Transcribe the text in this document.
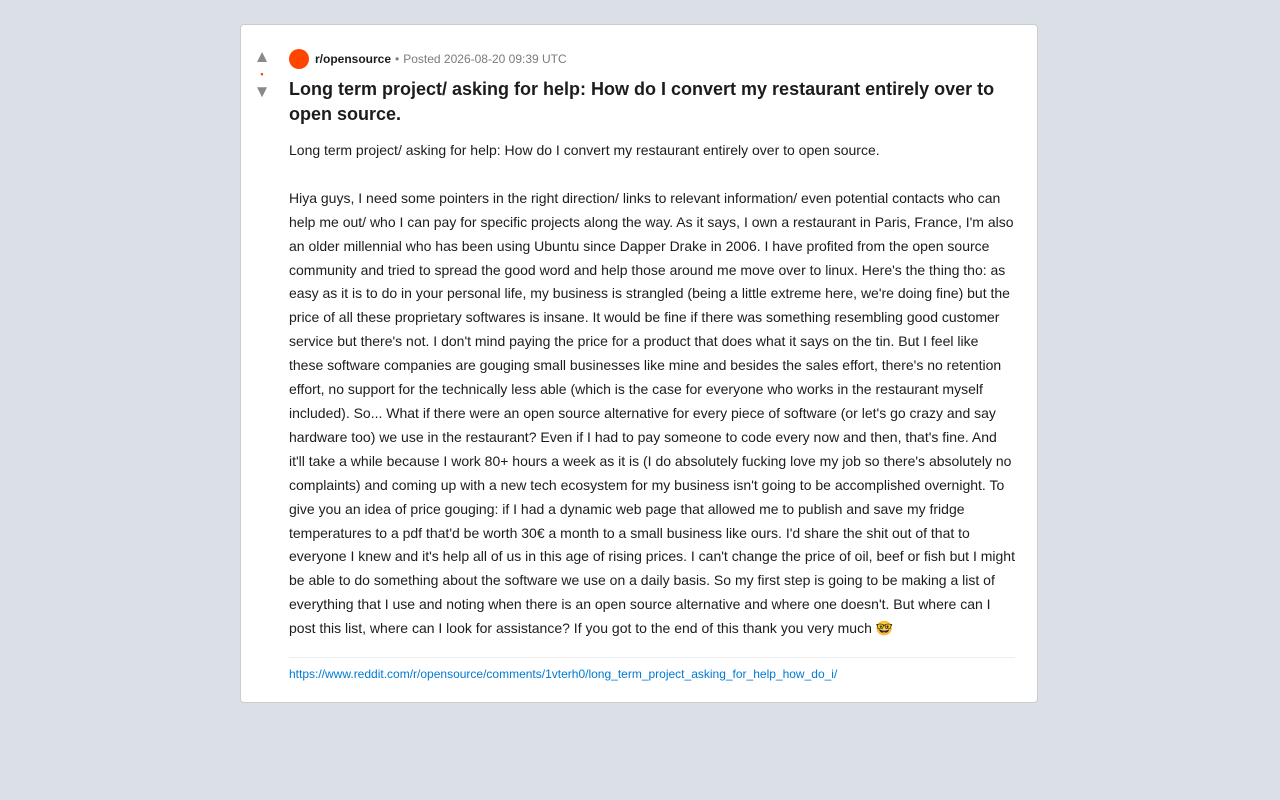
▲
•
▼
r/opensource • Posted 2026-08-20 09:39 UTC
Long term project/ asking for help: How do I convert my restaurant entirely over to open source.
Long term project/ asking for help: How do I convert my restaurant entirely over to open source.

Hiya guys, I need some pointers in the right direction/ links to relevant information/ even potential contacts who can help me out/ who I can pay for specific projects along the way. As it says, I own a restaurant in Paris, France, I'm also an older millennial who has been using Ubuntu since Dapper Drake in 2006. I have profited from the open source community and tried to spread the good word and help those around me move over to linux. Here's the thing tho: as easy as it is to do in your personal life, my business is strangled (being a little extreme here, we're doing fine) but the price of all these proprietary softwares is insane. It would be fine if there was something resembling good customer service but there's not. I don't mind paying the price for a product that does what it says on the tin. But I feel like these software companies are gouging small businesses like mine and besides the sales effort, there's no retention effort, no support for the technically less able (which is the case for everyone who works in the restaurant myself included). So... What if there were an open source alternative for every piece of software (or let's go crazy and say hardware too) we use in the restaurant? Even if I had to pay someone to code every now and then, that's fine. And it'll take a while because I work 80+ hours a week as it is (I do absolutely fucking love my job so there's absolutely no complaints) and coming up with a new tech ecosystem for my business isn't going to be accomplished overnight. To give you an idea of price gouging: if I had a dynamic web page that allowed me to publish and save my fridge temperatures to a pdf that'd be worth 30€ a month to a small business like ours. I'd share the shit out of that to everyone I knew and it's help all of us in this age of rising prices. I can't change the price of oil, beef or fish but I might be able to do something about the software we use on a daily basis. So my first step is going to be making a list of everything that I use and noting when there is an open source alternative and where one doesn't. But where can I post this list, where can I look for assistance? If you got to the end of this thank you very much 🤓
https://www.reddit.com/r/opensource/comments/1vterh0/long_term_project_asking_for_help_how_do_i/
